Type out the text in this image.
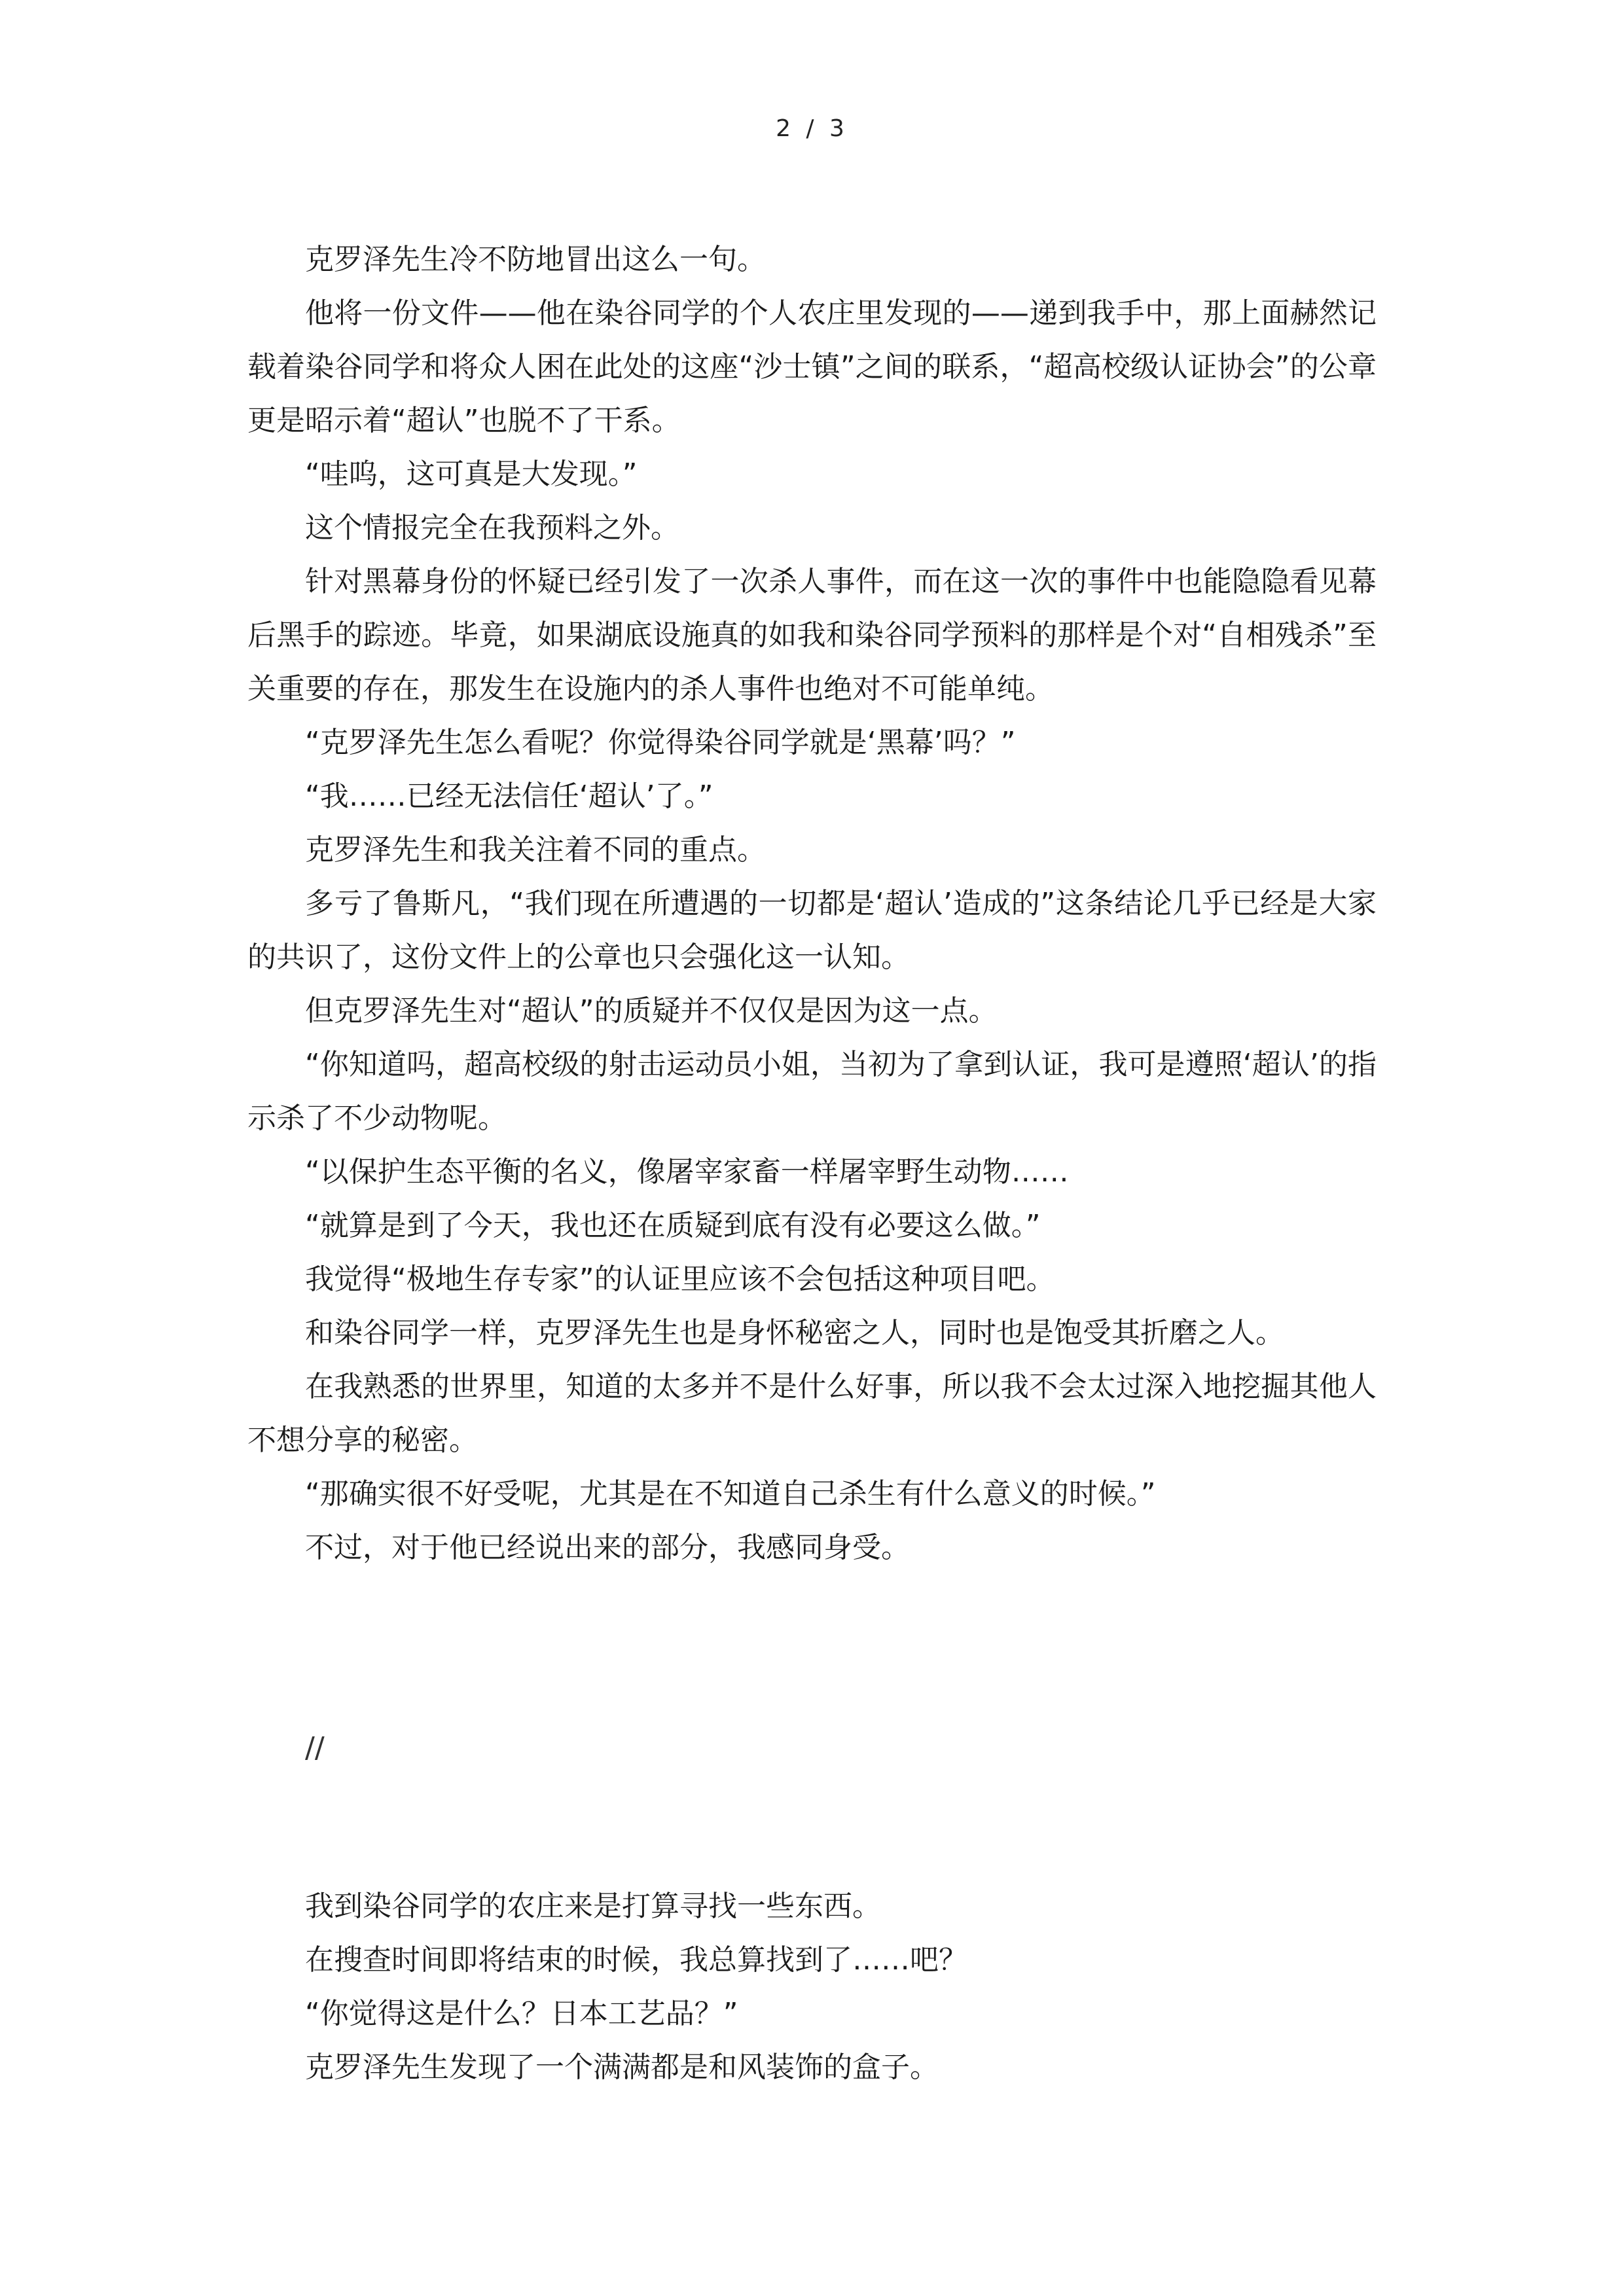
2 / 3

克罗泽先生冷不防地冒出这么一句。

他将一份文件——他在染谷同学的个人农庄里发现的——递到我手中，那上面赫然记载着染谷同学和将众人困在此处的这座“沙士镇”之间的联系，“超高校级认证协会”的公章更是昭示着“超认”也脱不了干系。

“哇呜，这可真是大发现。”

这个情报完全在我预料之外。

针对黑幕身份的怀疑已经引发了一次杀人事件，而在这一次的事件中也能隐隐看见幕后黑手的踪迹。毕竟，如果湖底设施真的如我和染谷同学预料的那样是个对“自相残杀”至关重要的存在，那发生在设施内的杀人事件也绝对不可能单纯。

“克罗泽先生怎么看呢？你觉得染谷同学就是‘黑幕’吗？”

“我……已经无法信任‘超认’了。”

克罗泽先生和我关注着不同的重点。

多亏了鲁斯凡，“我们现在所遭遇的一切都是‘超认’造成的”这条结论几乎已经是大家的共识了，这份文件上的公章也只会强化这一认知。

但克罗泽先生对“超认”的质疑并不仅仅是因为这一点。

“你知道吗，超高校级的射击运动员小姐，当初为了拿到认证，我可是遵照‘超认’的指示杀了不少动物呢。

“以保护生态平衡的名义，像屠宰家畜一样屠宰野生动物……

“就算是到了今天，我也还在质疑到底有没有必要这么做。”

我觉得“极地生存专家”的认证里应该不会包括这种项目吧。

和染谷同学一样，克罗泽先生也是身怀秘密之人，同时也是饱受其折磨之人。

在我熟悉的世界里，知道的太多并不是什么好事，所以我不会太过深入地挖掘其他人不想分享的秘密。

“那确实很不好受呢，尤其是在不知道自己杀生有什么意义的时候。”

不过，对于他已经说出来的部分，我感同身受。

//

我到染谷同学的农庄来是打算寻找一些东西。

在搜查时间即将结束的时候，我总算找到了……吧？

“你觉得这是什么？日本工艺品？”

克罗泽先生发现了一个满满都是和风装饰的盒子。
